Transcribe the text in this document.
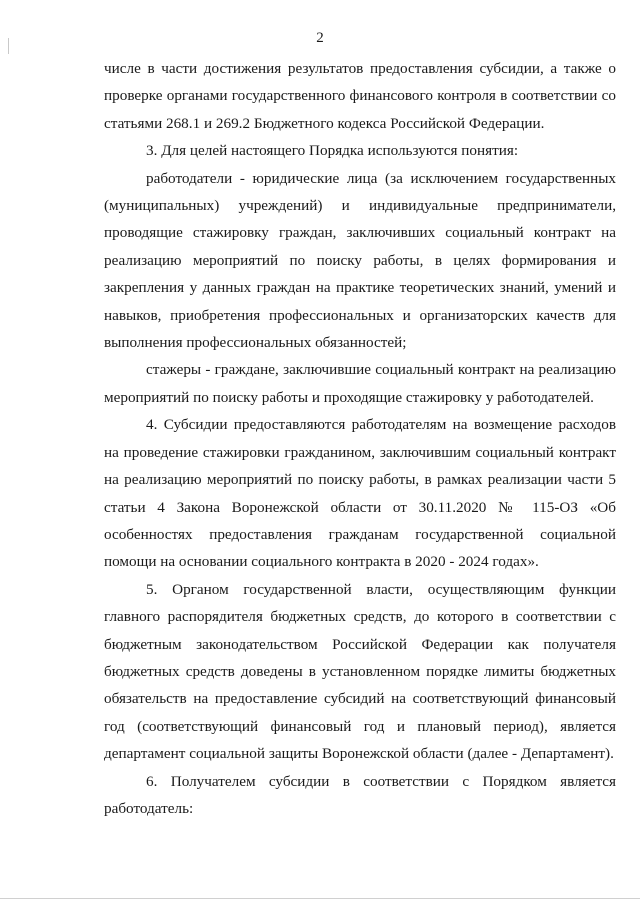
2

числе в части достижения результатов предоставления субсидии, а также о проверке органами государственного финансового контроля в соответствии со статьями 268.1 и 269.2 Бюджетного кодекса Российской Федерации.

3. Для целей настоящего Порядка используются понятия:

работодатели - юридические лица (за исключением государственных (муниципальных) учреждений) и индивидуальные предприниматели, проводящие стажировку граждан, заключивших социальный контракт на реализацию мероприятий по поиску работы, в целях формирования и закрепления у данных граждан на практике теоретических знаний, умений и навыков, приобретения профессиональных и организаторских качеств для выполнения профессиональных обязанностей;

стажеры - граждане, заключившие социальный контракт на реализацию мероприятий по поиску работы и проходящие стажировку у работодателей.

4. Субсидии предоставляются работодателям на возмещение расходов на проведение стажировки гражданином, заключившим социальный контракт на реализацию мероприятий по поиску работы, в рамках реализации части 5 статьи 4 Закона Воронежской области от 30.11.2020 № 115-ОЗ «Об особенностях предоставления гражданам государственной социальной помощи на основании социального контракта в 2020 - 2024 годах».

5. Органом государственной власти, осуществляющим функции главного распорядителя бюджетных средств, до которого в соответствии с бюджетным законодательством Российской Федерации как получателя бюджетных средств доведены в установленном порядке лимиты бюджетных обязательств на предоставление субсидий на соответствующий финансовый год (соответствующий финансовый год и плановый период), является департамент социальной защиты Воронежской области (далее - Департамент).

6. Получателем субсидии в соответствии с Порядком является работодатель:
